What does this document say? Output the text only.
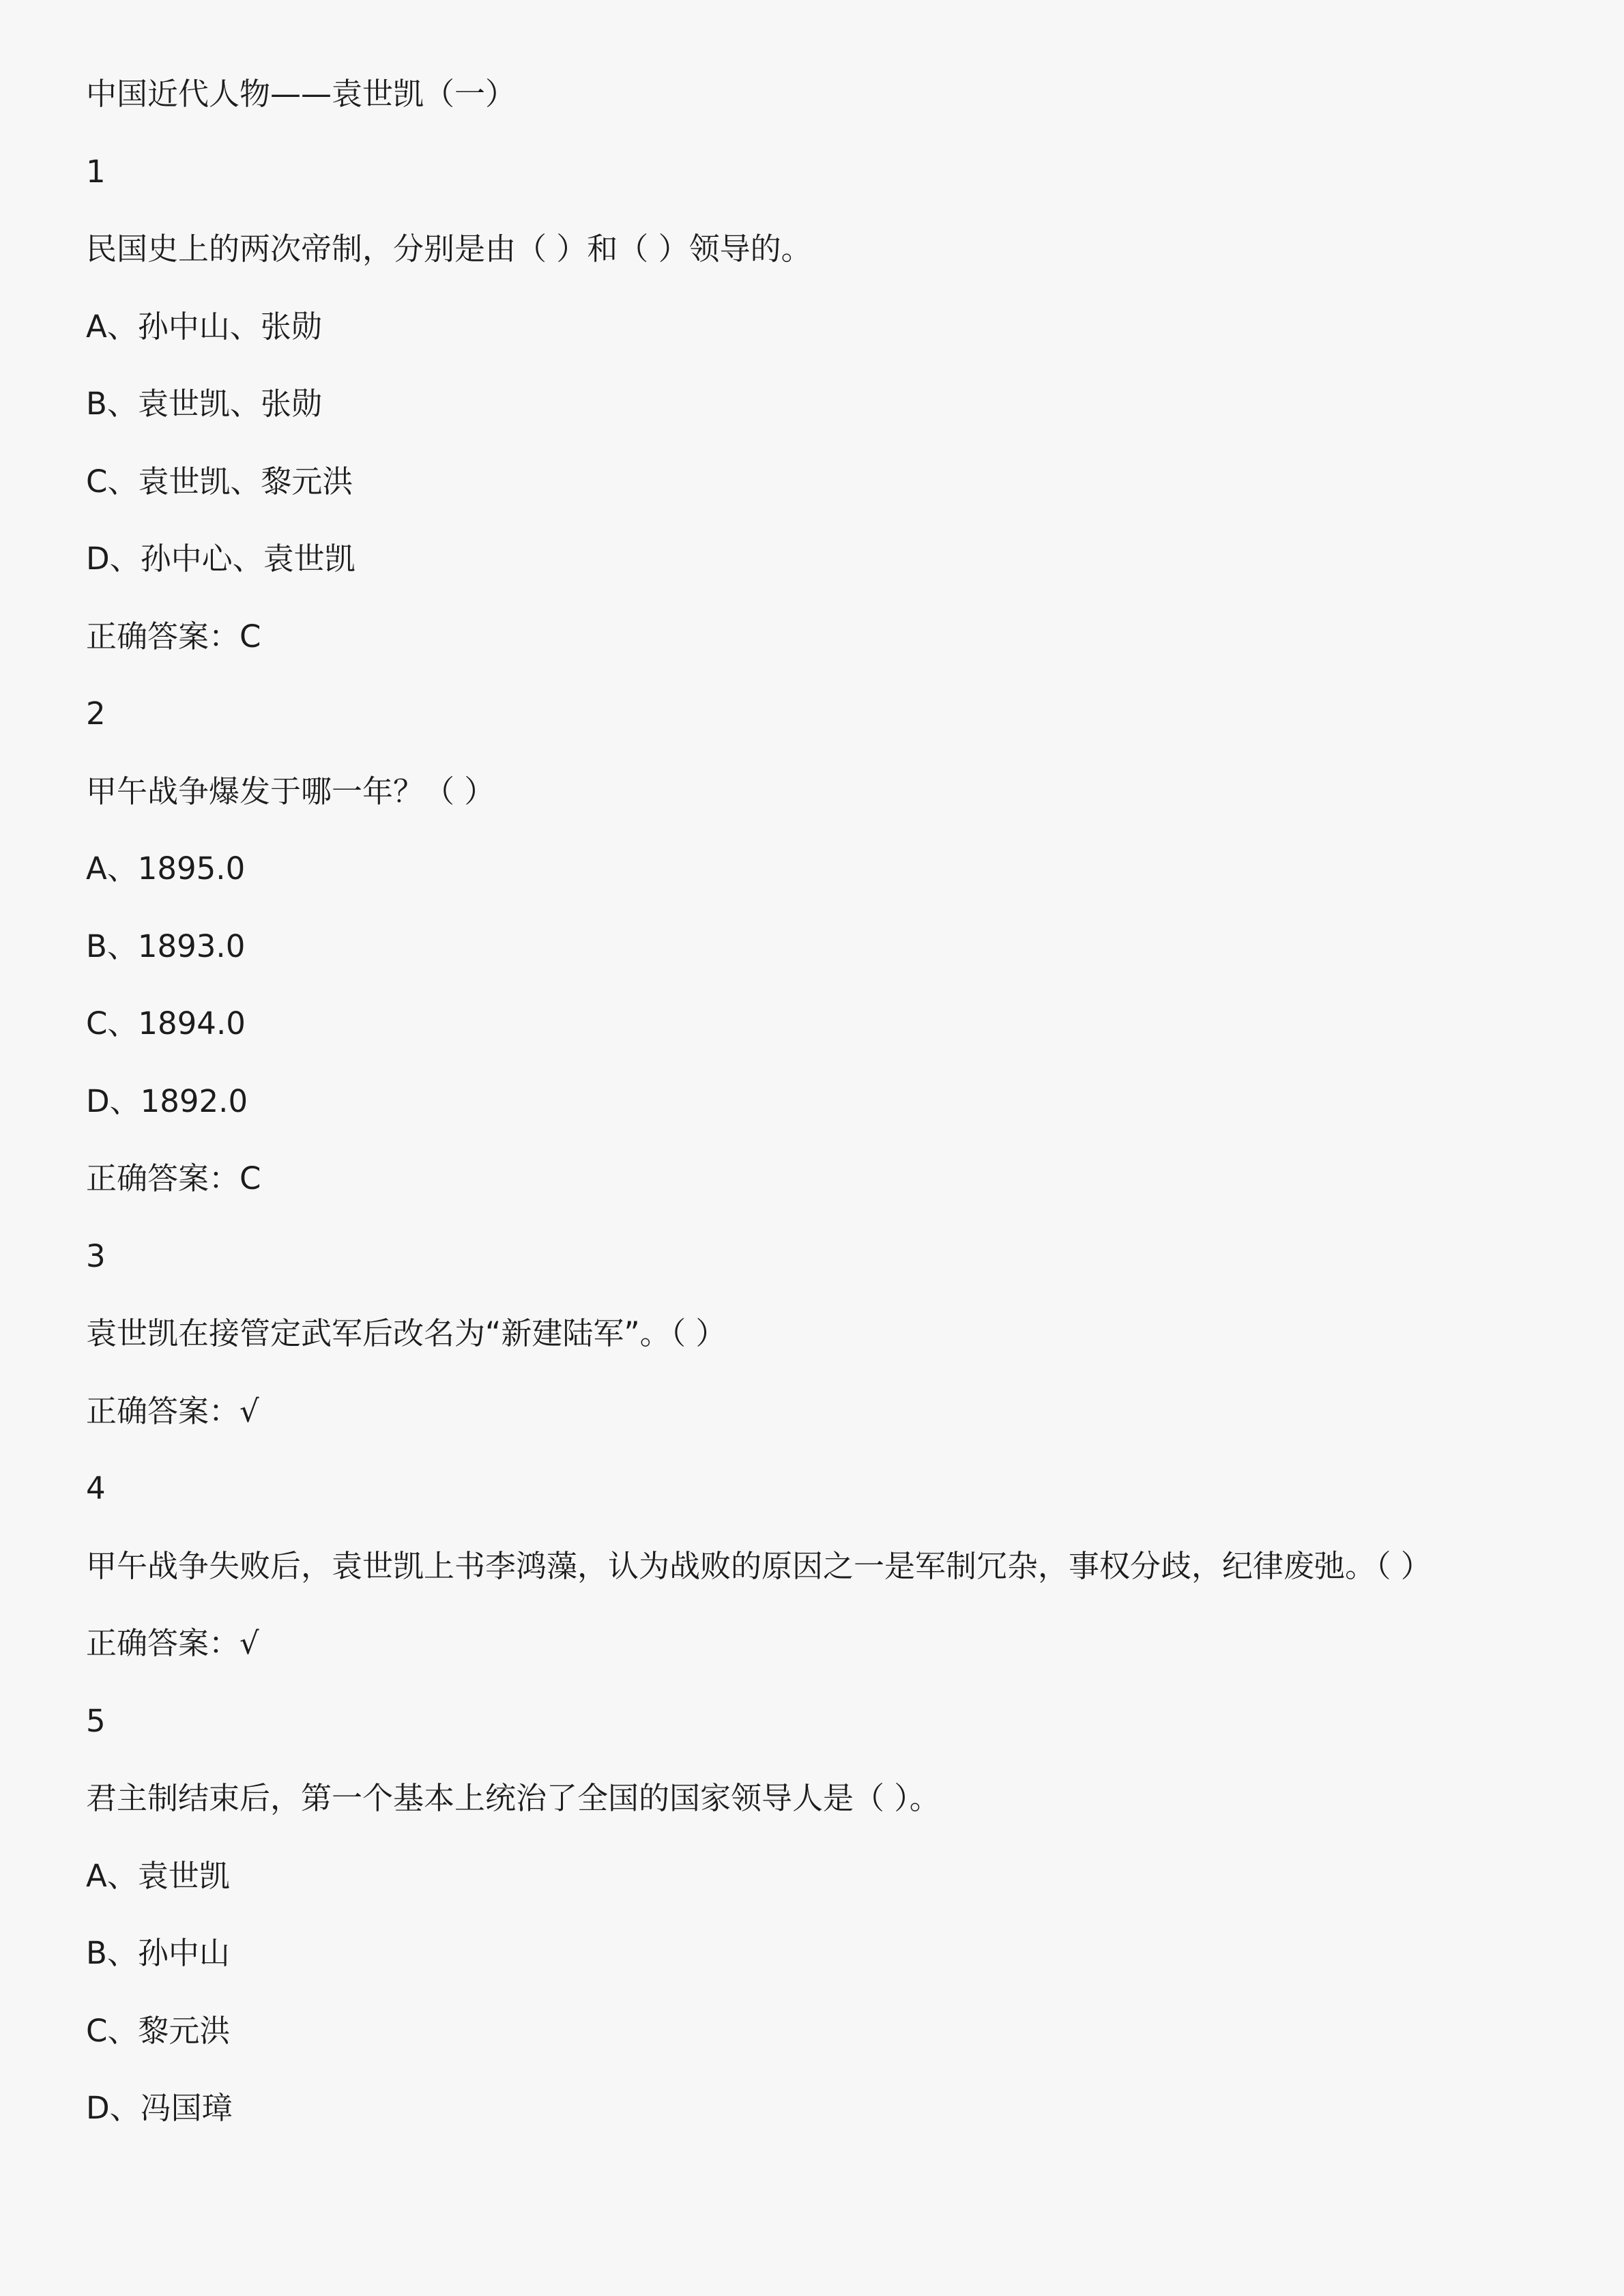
中国近代人物——袁世凯（一）
1
民国史上的两次帝制，分别是由（ ）和（ ）领导的。
A、孙中山、张勋
B、袁世凯、张勋
C、袁世凯、黎元洪
D、孙中心、袁世凯
正确答案：C
2
甲午战争爆发于哪一年？（ ）
A、1895.0
B、1893.0
C、1894.0
D、1892.0
正确答案：C
3
袁世凯在接管定武军后改名为“新建陆军”。（ ）
正确答案：√
4
甲午战争失败后，袁世凯上书李鸿藻，认为战败的原因之一是军制冗杂，事权分歧，纪律废弛。（ ）
正确答案：√
5
君主制结束后，第一个基本上统治了全国的国家领导人是（ ）。
A、袁世凯
B、孙中山
C、黎元洪
D、冯国璋
